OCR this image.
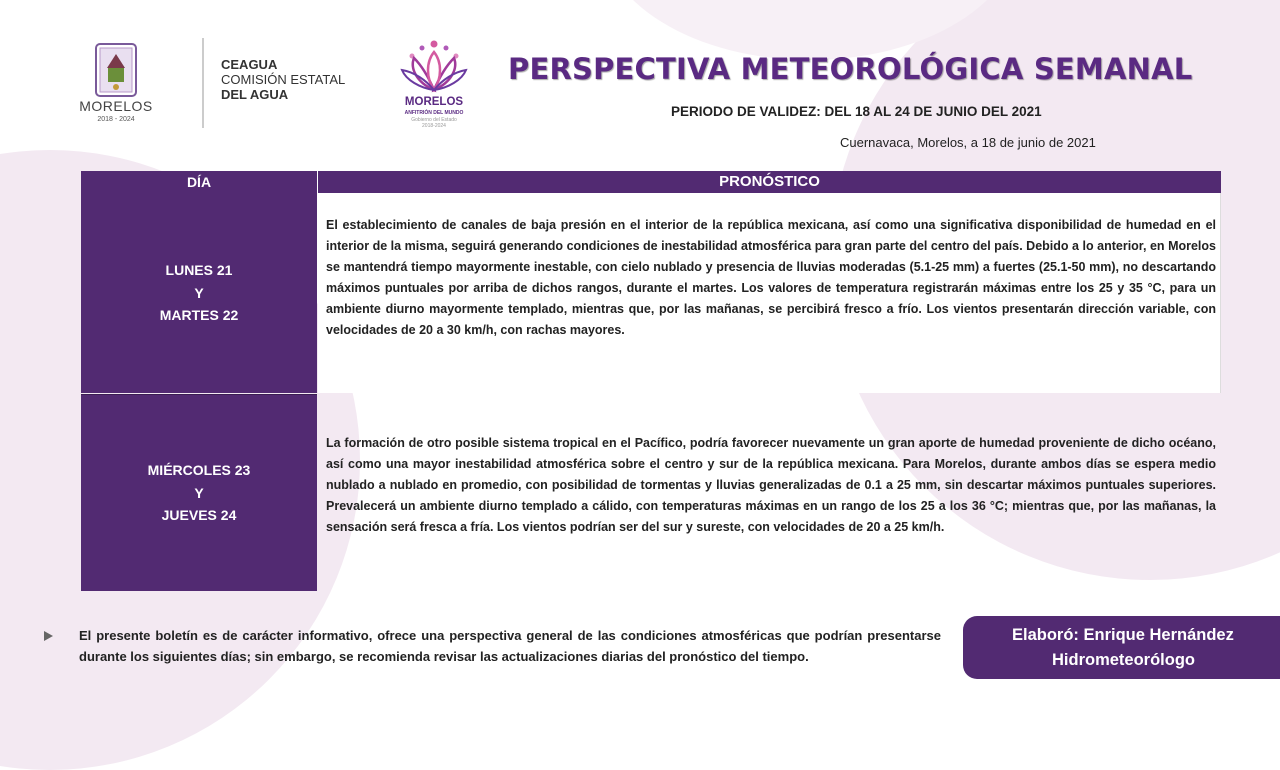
MORELOS
2018 - 2024
CEAGUA
COMISIÓN ESTATAL
DEL AGUA	MORELOS
ANFITRIÓN DEL MUNDO
Gobierno del Estado
2018-2024
PERSPECTIVA METEOROLÓGICA SEMANAL
PERIODO DE VALIDEZ: DEL 18 AL 24 DE JUNIO DEL 2021
Cuernavaca, Morelos, a 18 de junio de 2021
DÍA	PRONÓSTICO
LUNES 21
Y
MARTES 22
MIÉRCOLES 23
Y
JUEVES 24
El establecimiento de canales de baja presión en el interior de la república mexicana, así como una significativa disponibilidad de humedad en el interior de la misma, seguirá generando condiciones de inestabilidad atmosférica para gran parte del centro del país. Debido a lo anterior, en Morelos se mantendrá tiempo mayormente inestable, con cielo nublado y presencia de lluvias moderadas (5.1-25 mm) a fuertes (25.1-50 mm), no descartando máximos puntuales por arriba de dichos rangos, durante el martes. Los valores de temperatura registrarán máximas entre los 25 y 35 °C, para un ambiente diurno mayormente templado, mientras que, por las mañanas, se percibirá fresco a frío. Los vientos presentarán dirección variable, con velocidades de 20 a 30 km/h, con rachas mayores.
La formación de otro posible sistema tropical en el Pacífico, podría favorecer nuevamente un gran aporte de humedad proveniente de dicho océano, así como una mayor inestabilidad atmosférica sobre el centro y sur de la república mexicana. Para Morelos, durante ambos días se espera medio nublado a nublado en promedio, con posibilidad de tormentas y lluvias generalizadas de 0.1 a 25 mm, sin descartar máximos puntuales superiores. Prevalecerá un ambiente diurno templado a cálido, con temperaturas máximas en un rango de los 25 a los 36 °C; mientras que, por las mañanas, la sensación será fresca a fría. Los vientos podrían ser del sur y sureste, con velocidades de 20 a 25 km/h.
El presente boletín es de carácter informativo, ofrece una perspectiva general de las condiciones atmosféricas que podrían presentarse durante los siguientes días; sin embargo, se recomienda revisar las actualizaciones diarias del pronóstico del tiempo.
Elaboró: Enrique Hernández
Hidrometeorólogo
